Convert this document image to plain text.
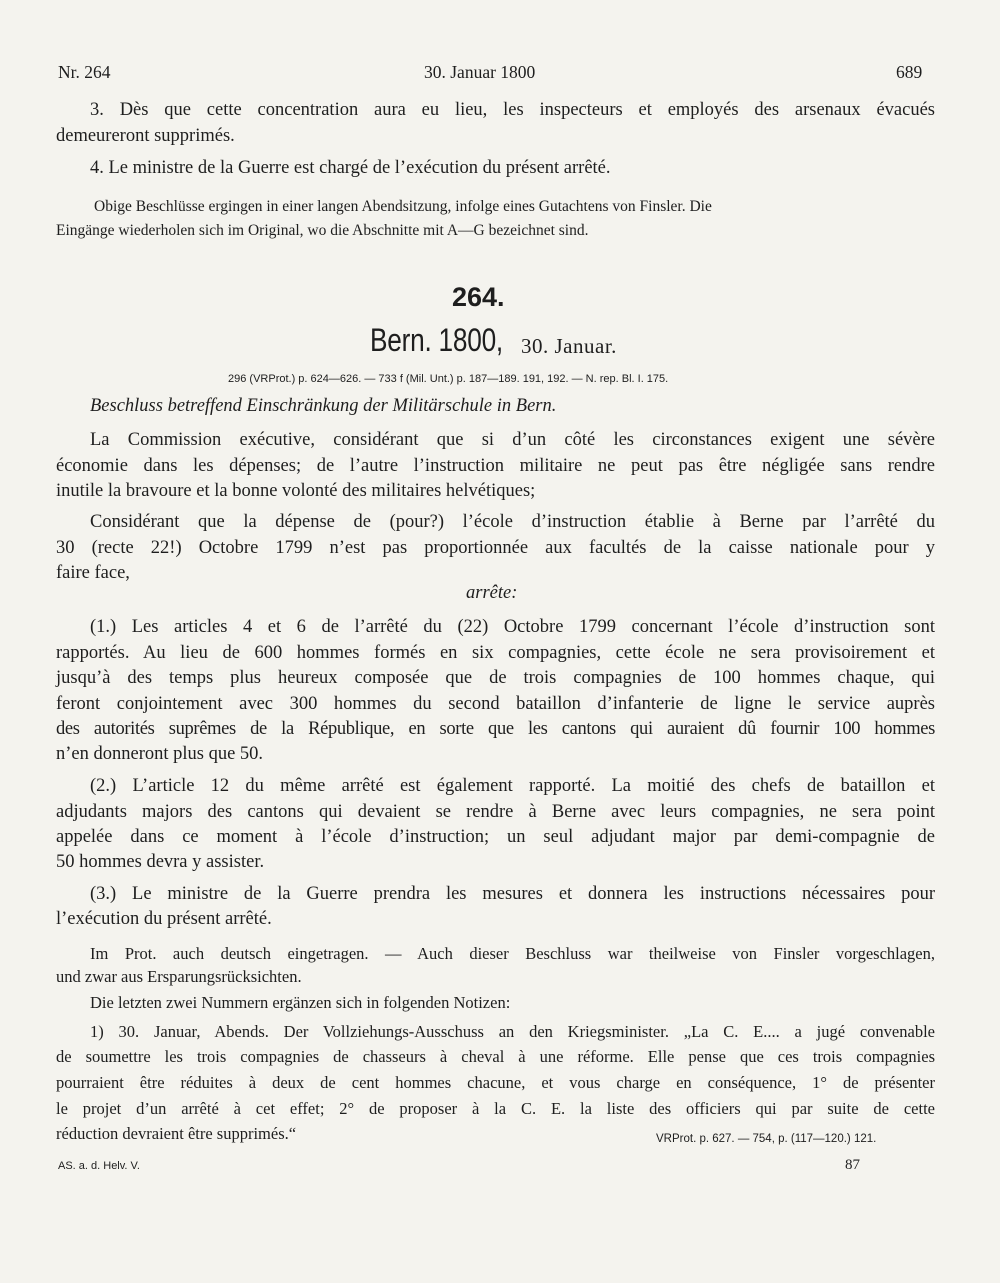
Nr. 264	30. Januar 1800	689
3. Dès que cette concentration aura eu lieu, les inspecteurs et employés des arsenaux évacués
demeureront supprimés.
4. Le ministre de la Guerre est chargé de l’exécution du présent arrêté.
Obige Beschlüsse ergingen in einer langen Abendsitzung, infolge eines Gutachtens von Finsler. Die
Eingänge wiederholen sich im Original, wo die Abschnitte mit A—G bezeichnet sind.
264.
Bern. 1800, 30. Januar.
296 (VRProt.) p. 624—626. — 733 f (Mil. Unt.) p. 187—189. 191, 192. — N. rep. Bl. I. 175.
Beschluss betreffend Einschränkung der Militärschule in Bern.
La Commission exécutive, considérant que si d’un côté les circonstances exigent une sévère
économie dans les dépenses; de l’autre l’instruction militaire ne peut pas être négligée sans rendre
inutile la bravoure et la bonne volonté des militaires helvétiques;
Considérant que la dépense de (pour?) l’école d’instruction établie à Berne par l’arrêté du
30 (recte 22!) Octobre 1799 n’est pas proportionnée aux facultés de la caisse nationale pour y
faire face,
arrête:
(1.) Les articles 4 et 6 de l’arrêté du (22) Octobre 1799 concernant l’école d’instruction sont
rapportés. Au lieu de 600 hommes formés en six compagnies, cette école ne sera provisoirement et
jusqu’à des temps plus heureux composée que de trois compagnies de 100 hommes chaque, qui
feront conjointement avec 300 hommes du second bataillon d’infanterie de ligne le service auprès
des autorités suprêmes de la République, en sorte que les cantons qui auraient dû fournir 100 hommes
n’en donneront plus que 50.
(2.) L’article 12 du même arrêté est également rapporté. La moitié des chefs de bataillon et
adjudants majors des cantons qui devaient se rendre à Berne avec leurs compagnies, ne sera point
appelée dans ce moment à l’école d’instruction; un seul adjudant major par demi-compagnie de
50 hommes devra y assister.
(3.) Le ministre de la Guerre prendra les mesures et donnera les instructions nécessaires pour
l’exécution du présent arrêté.
Im Prot. auch deutsch eingetragen. — Auch dieser Beschluss war theilweise von Finsler vorgeschlagen,
und zwar aus Ersparungsrücksichten.
Die letzten zwei Nummern ergänzen sich in folgenden Notizen:
1) 30. Januar, Abends. Der Vollziehungs-Ausschuss an den Kriegsminister. „La C. E.... a jugé convenable
de soumettre les trois compagnies de chasseurs à cheval à une réforme. Elle pense que ces trois compagnies
pourraient être réduites à deux de cent hommes chacune, et vous charge en conséquence, 1° de présenter
le projet d’un arrêté à cet effet; 2° de proposer à la C. E. la liste des officiers qui par suite de cette
réduction devraient être supprimés.“	VRProt. p. 627. — 754, p. (117—120.) 121.
AS. a. d. Helv. V.	87
